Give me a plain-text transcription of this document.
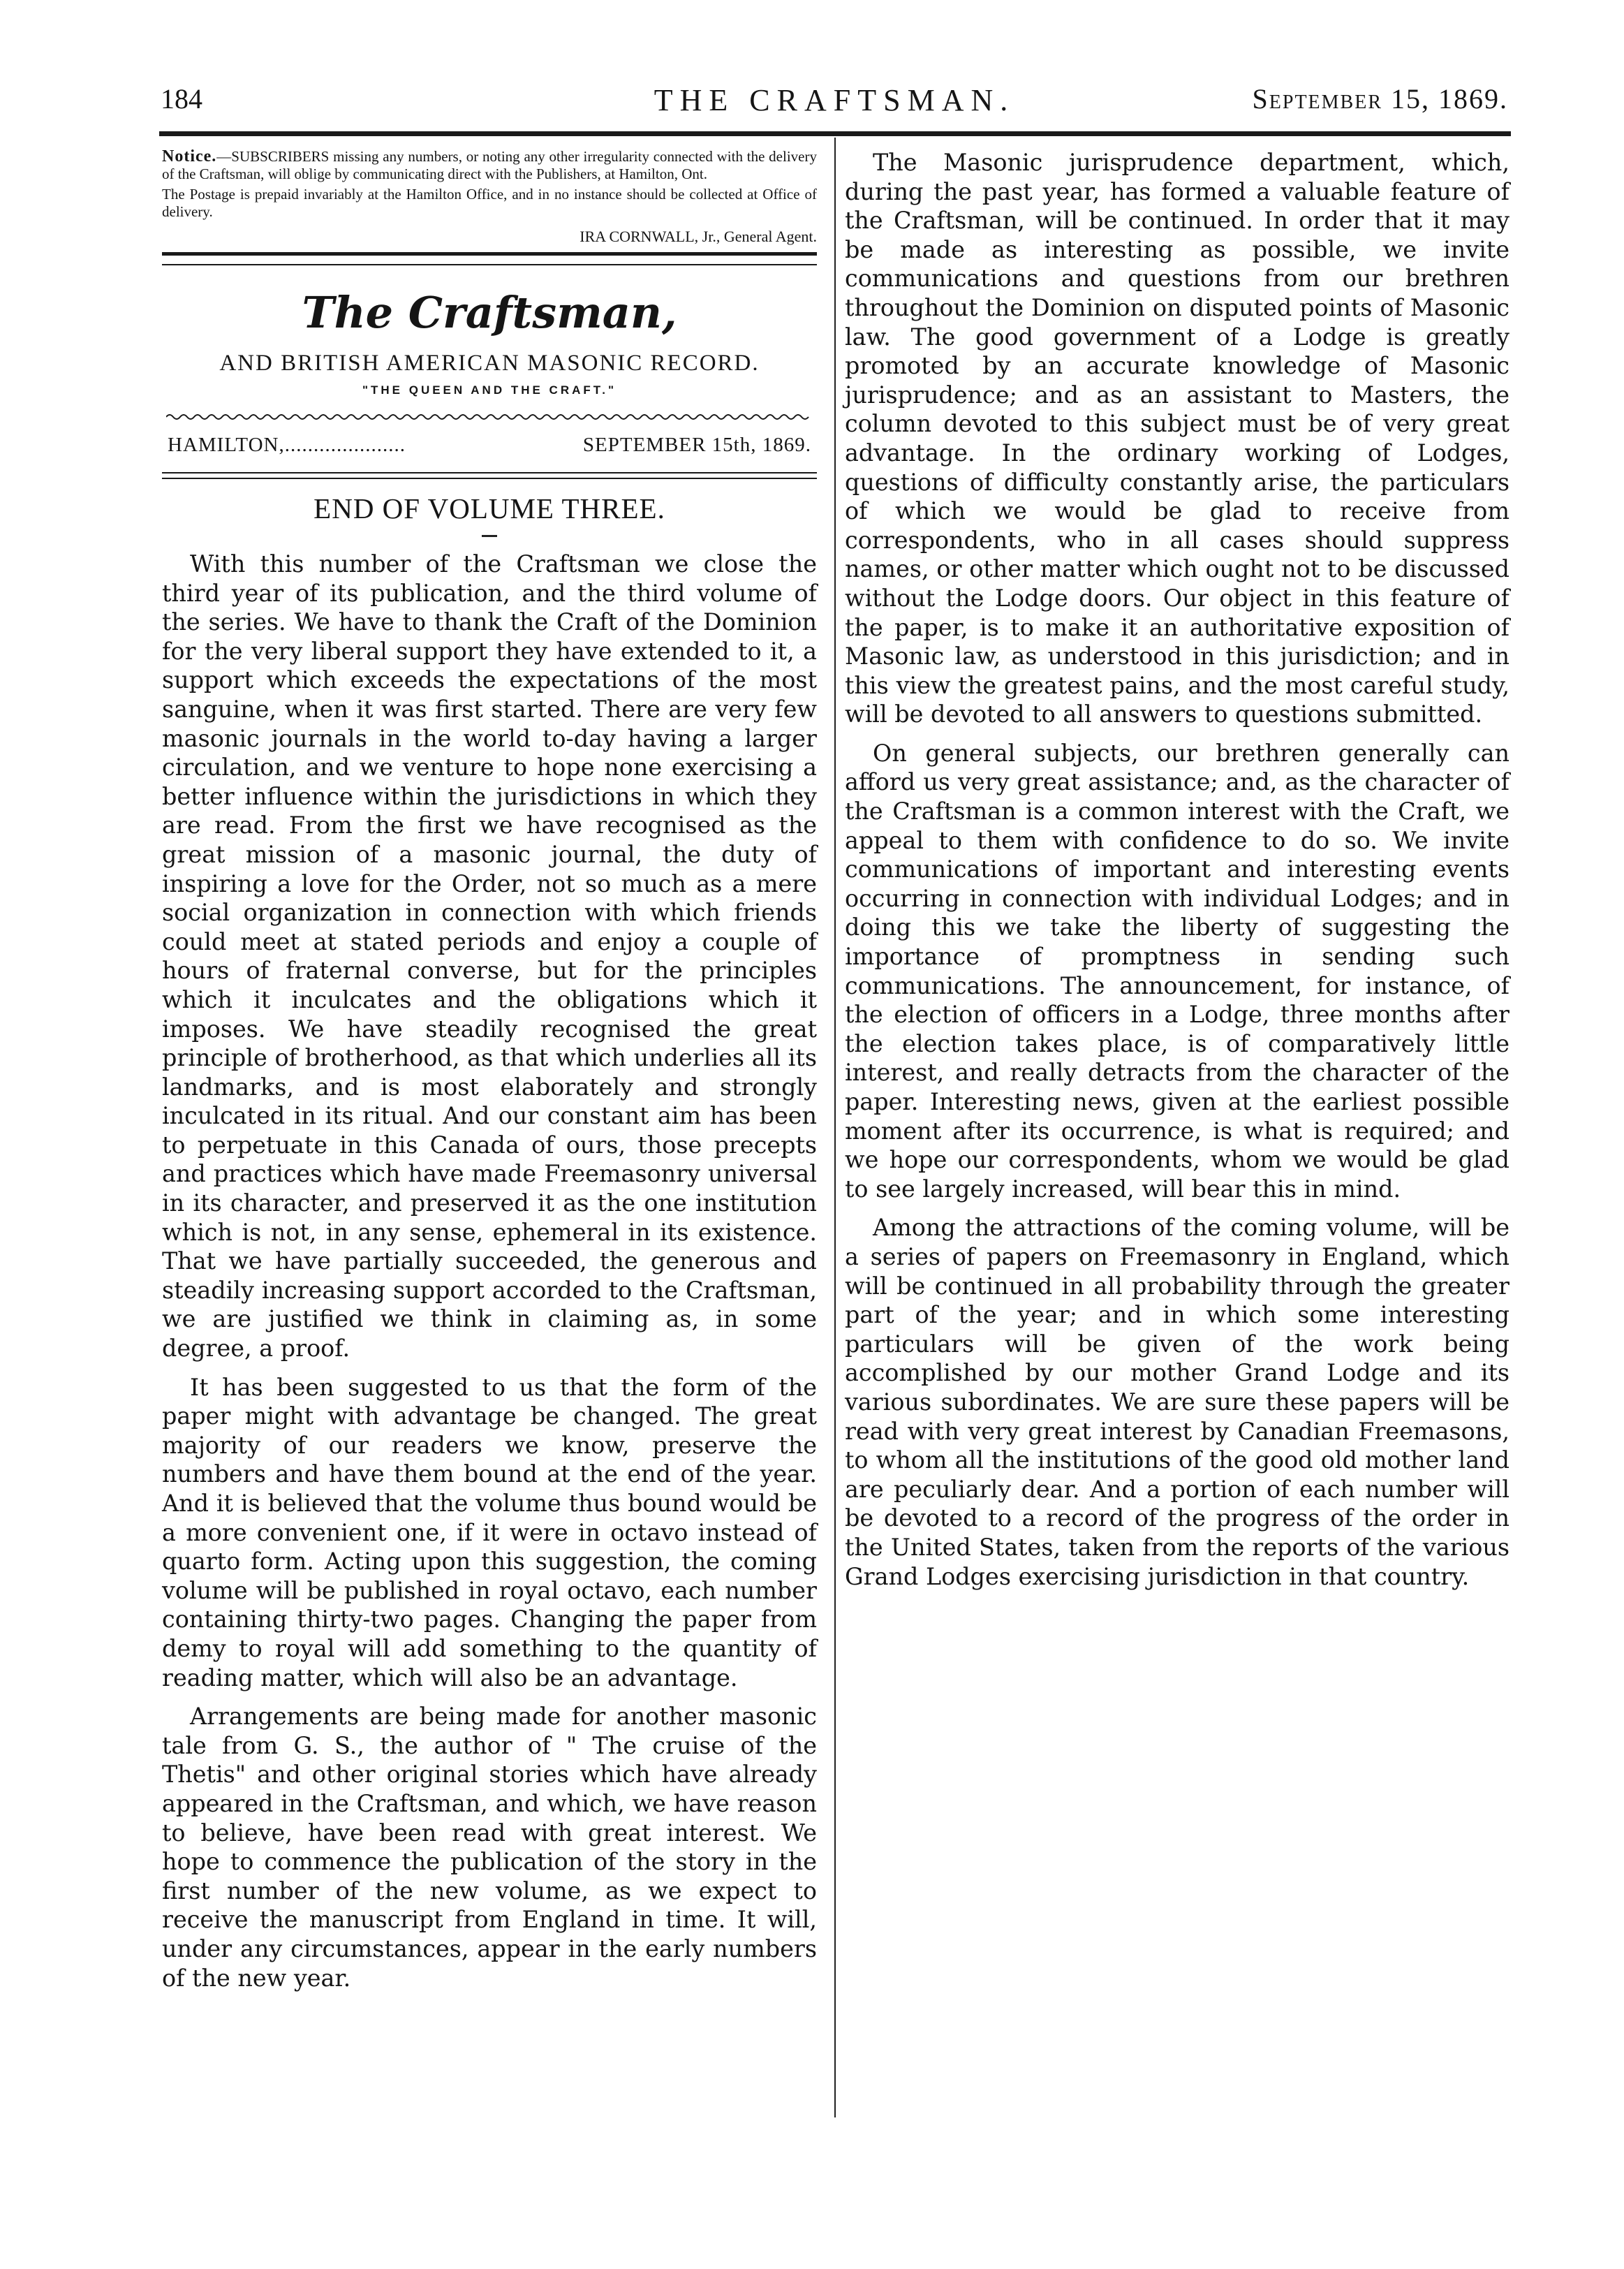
184	THE CRAFTSMAN.	September 15, 1869.

Notice.—SUBSCRIBERS missing any numbers, or noting any other irregularity connected with the delivery of the Craftsman, will oblige by communicating direct with the Publishers, at Hamilton, Ont.

The Postage is prepaid invariably at the Hamilton Office, and in no instance should be collected at Office of delivery.

IRA CORNWALL, Jr., General Agent.

The Craftsman,
AND BRITISH AMERICAN MASONIC RECORD.
"THE QUEEN AND THE CRAFT."
HAMILTON,.....................	SEPTEMBER 15th, 1869.
END OF VOLUME THREE.

With this number of the Craftsman we close the third year of its publication, and the third volume of the series. We have to thank the Craft of the Dominion for the very liberal support they have extended to it, a support which exceeds the expectations of the most sanguine, when it was first started. There are very few masonic journals in the world to-day having a larger circulation, and we venture to hope none exercising a better influence within the jurisdictions in which they are read. From the first we have recognised as the great mission of a masonic journal, the duty of inspiring a love for the Order, not so much as a mere social organization in connection with which friends could meet at stated periods and enjoy a couple of hours of fraternal converse, but for the principles which it inculcates and the obligations which it imposes. We have steadily recognised the great principle of brotherhood, as that which underlies all its landmarks, and is most elaborately and strongly inculcated in its ritual. And our constant aim has been to perpetuate in this Canada of ours, those precepts and practices which have made Freemasonry universal in its character, and preserved it as the one institution which is not, in any sense, ephemeral in its existence. That we have partially succeeded, the generous and steadily increasing support accorded to the Craftsman, we are justified we think in claiming as, in some degree, a proof.

It has been suggested to us that the form of the paper might with advantage be changed. The great majority of our readers we know, preserve the numbers and have them bound at the end of the year. And it is believed that the volume thus bound would be a more convenient one, if it were in octavo instead of quarto form. Acting upon this suggestion, the coming volume will be published in royal octavo, each number containing thirty-two pages. Changing the paper from demy to royal will add something to the quantity of reading matter, which will also be an advantage.

Arrangements are being made for another masonic tale from G. S., the author of " The cruise of the Thetis" and other original stories which have already appeared in the Craftsman, and which, we have reason to believe, have been read with great interest. We hope to commence the publication of the story in the first number of the new volume, as we expect to receive the manuscript from England in time. It will, under any circumstances, appear in the early numbers of the new year.

The Masonic jurisprudence department, which, during the past year, has formed a valuable feature of the Craftsman, will be continued. In order that it may be made as interesting as possible, we invite communications and questions from our brethren throughout the Dominion on disputed points of Masonic law. The good government of a Lodge is greatly promoted by an accurate knowledge of Masonic jurisprudence; and as an assistant to Masters, the column devoted to this subject must be of very great advantage. In the ordinary working of Lodges, questions of difficulty constantly arise, the particulars of which we would be glad to receive from correspondents, who in all cases should suppress names, or other matter which ought not to be discussed without the Lodge doors. Our object in this feature of the paper, is to make it an authoritative exposition of Masonic law, as understood in this jurisdiction; and in this view the greatest pains, and the most careful study, will be devoted to all answers to questions submitted.

On general subjects, our brethren generally can afford us very great assistance; and, as the character of the Craftsman is a common interest with the Craft, we appeal to them with confidence to do so. We invite communications of important and interesting events occurring in connection with individual Lodges; and in doing this we take the liberty of suggesting the importance of promptness in sending such communications. The announcement, for instance, of the election of officers in a Lodge, three months after the election takes place, is of comparatively little interest, and really detracts from the character of the paper. Interesting news, given at the earliest possible moment after its occurrence, is what is required; and we hope our correspondents, whom we would be glad to see largely increased, will bear this in mind.

Among the attractions of the coming volume, will be a series of papers on Freemasonry in England, which will be continued in all probability through the greater part of the year; and in which some interesting particulars will be given of the work being accomplished by our mother Grand Lodge and its various subordinates. We are sure these papers will be read with very great interest by Canadian Freemasons, to whom all the institutions of the good old mother land are peculiarly dear. And a portion of each number will be devoted to a record of the progress of the order in the United States, taken from the reports of the various Grand Lodges exercising jurisdiction in that country.
